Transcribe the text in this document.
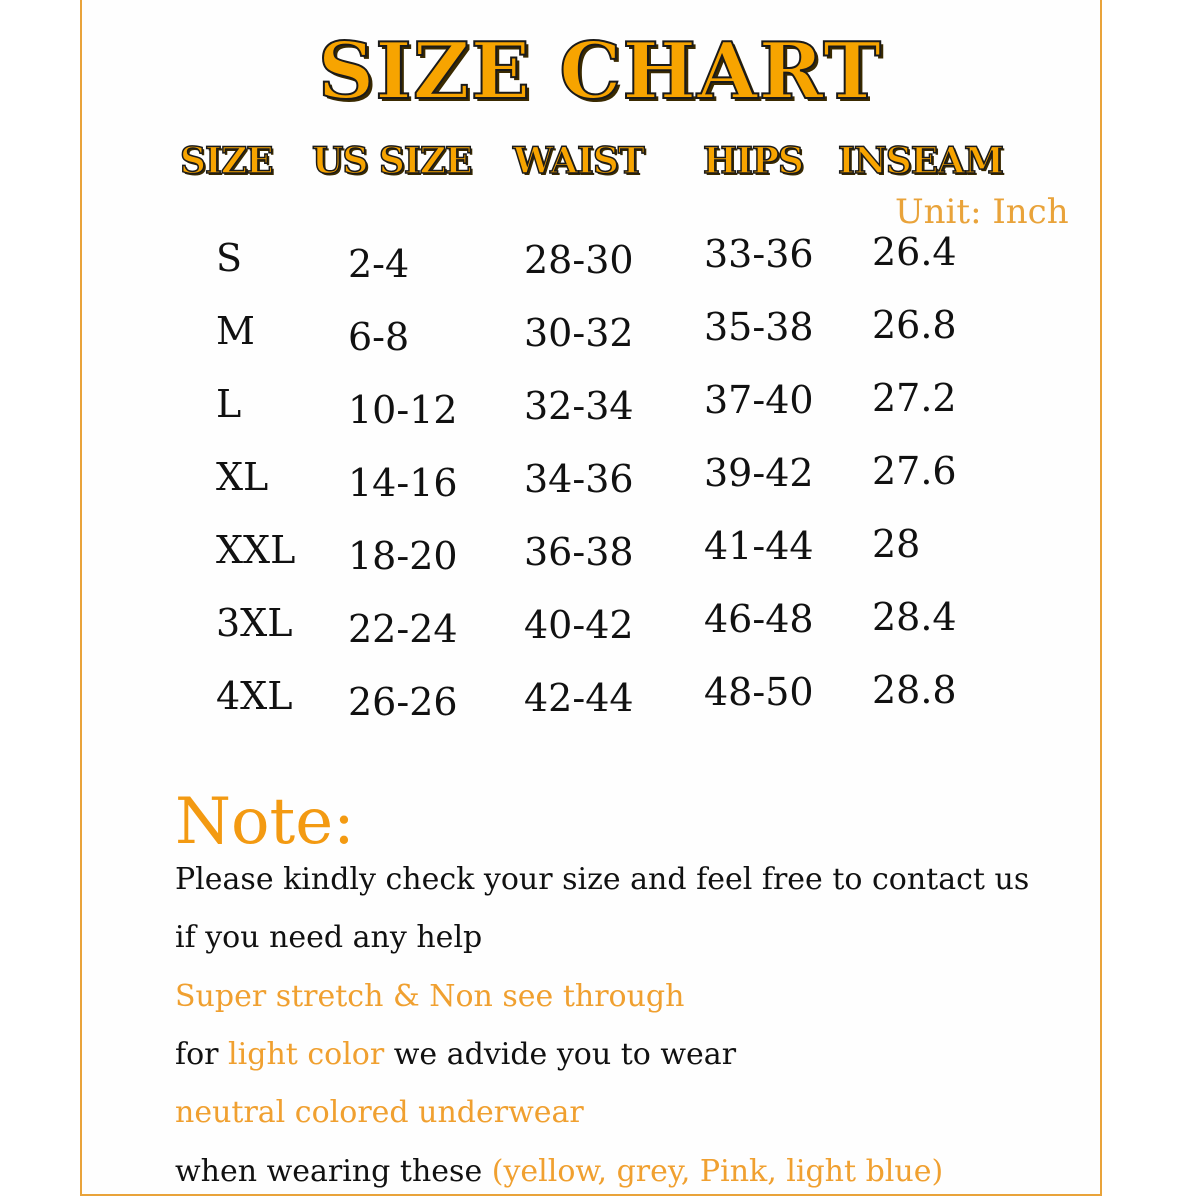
SIZE CHART
SIZE US SIZE WAIST HIPS INSEAM
Unit: Inch
S	2-4	28-30 33-36 26.4
M 6-8	30-32 35-38 26.8
L	10-12 32-34 37-40 27.2
XL 14-16 34-36 39-42 27.6
XXL 18-20 36-38 41-44 28
3XL 22-24 40-42 46-48 28.4
4XL 26-26 42-44 48-50 28.8
Note:
Please kindly check your size and feel free to contact us
if you need any help
Super stretch & Non see through
for light color we advide you to wear
neutral colored underwear
when wearing these (yellow, grey, Pink, light blue)
